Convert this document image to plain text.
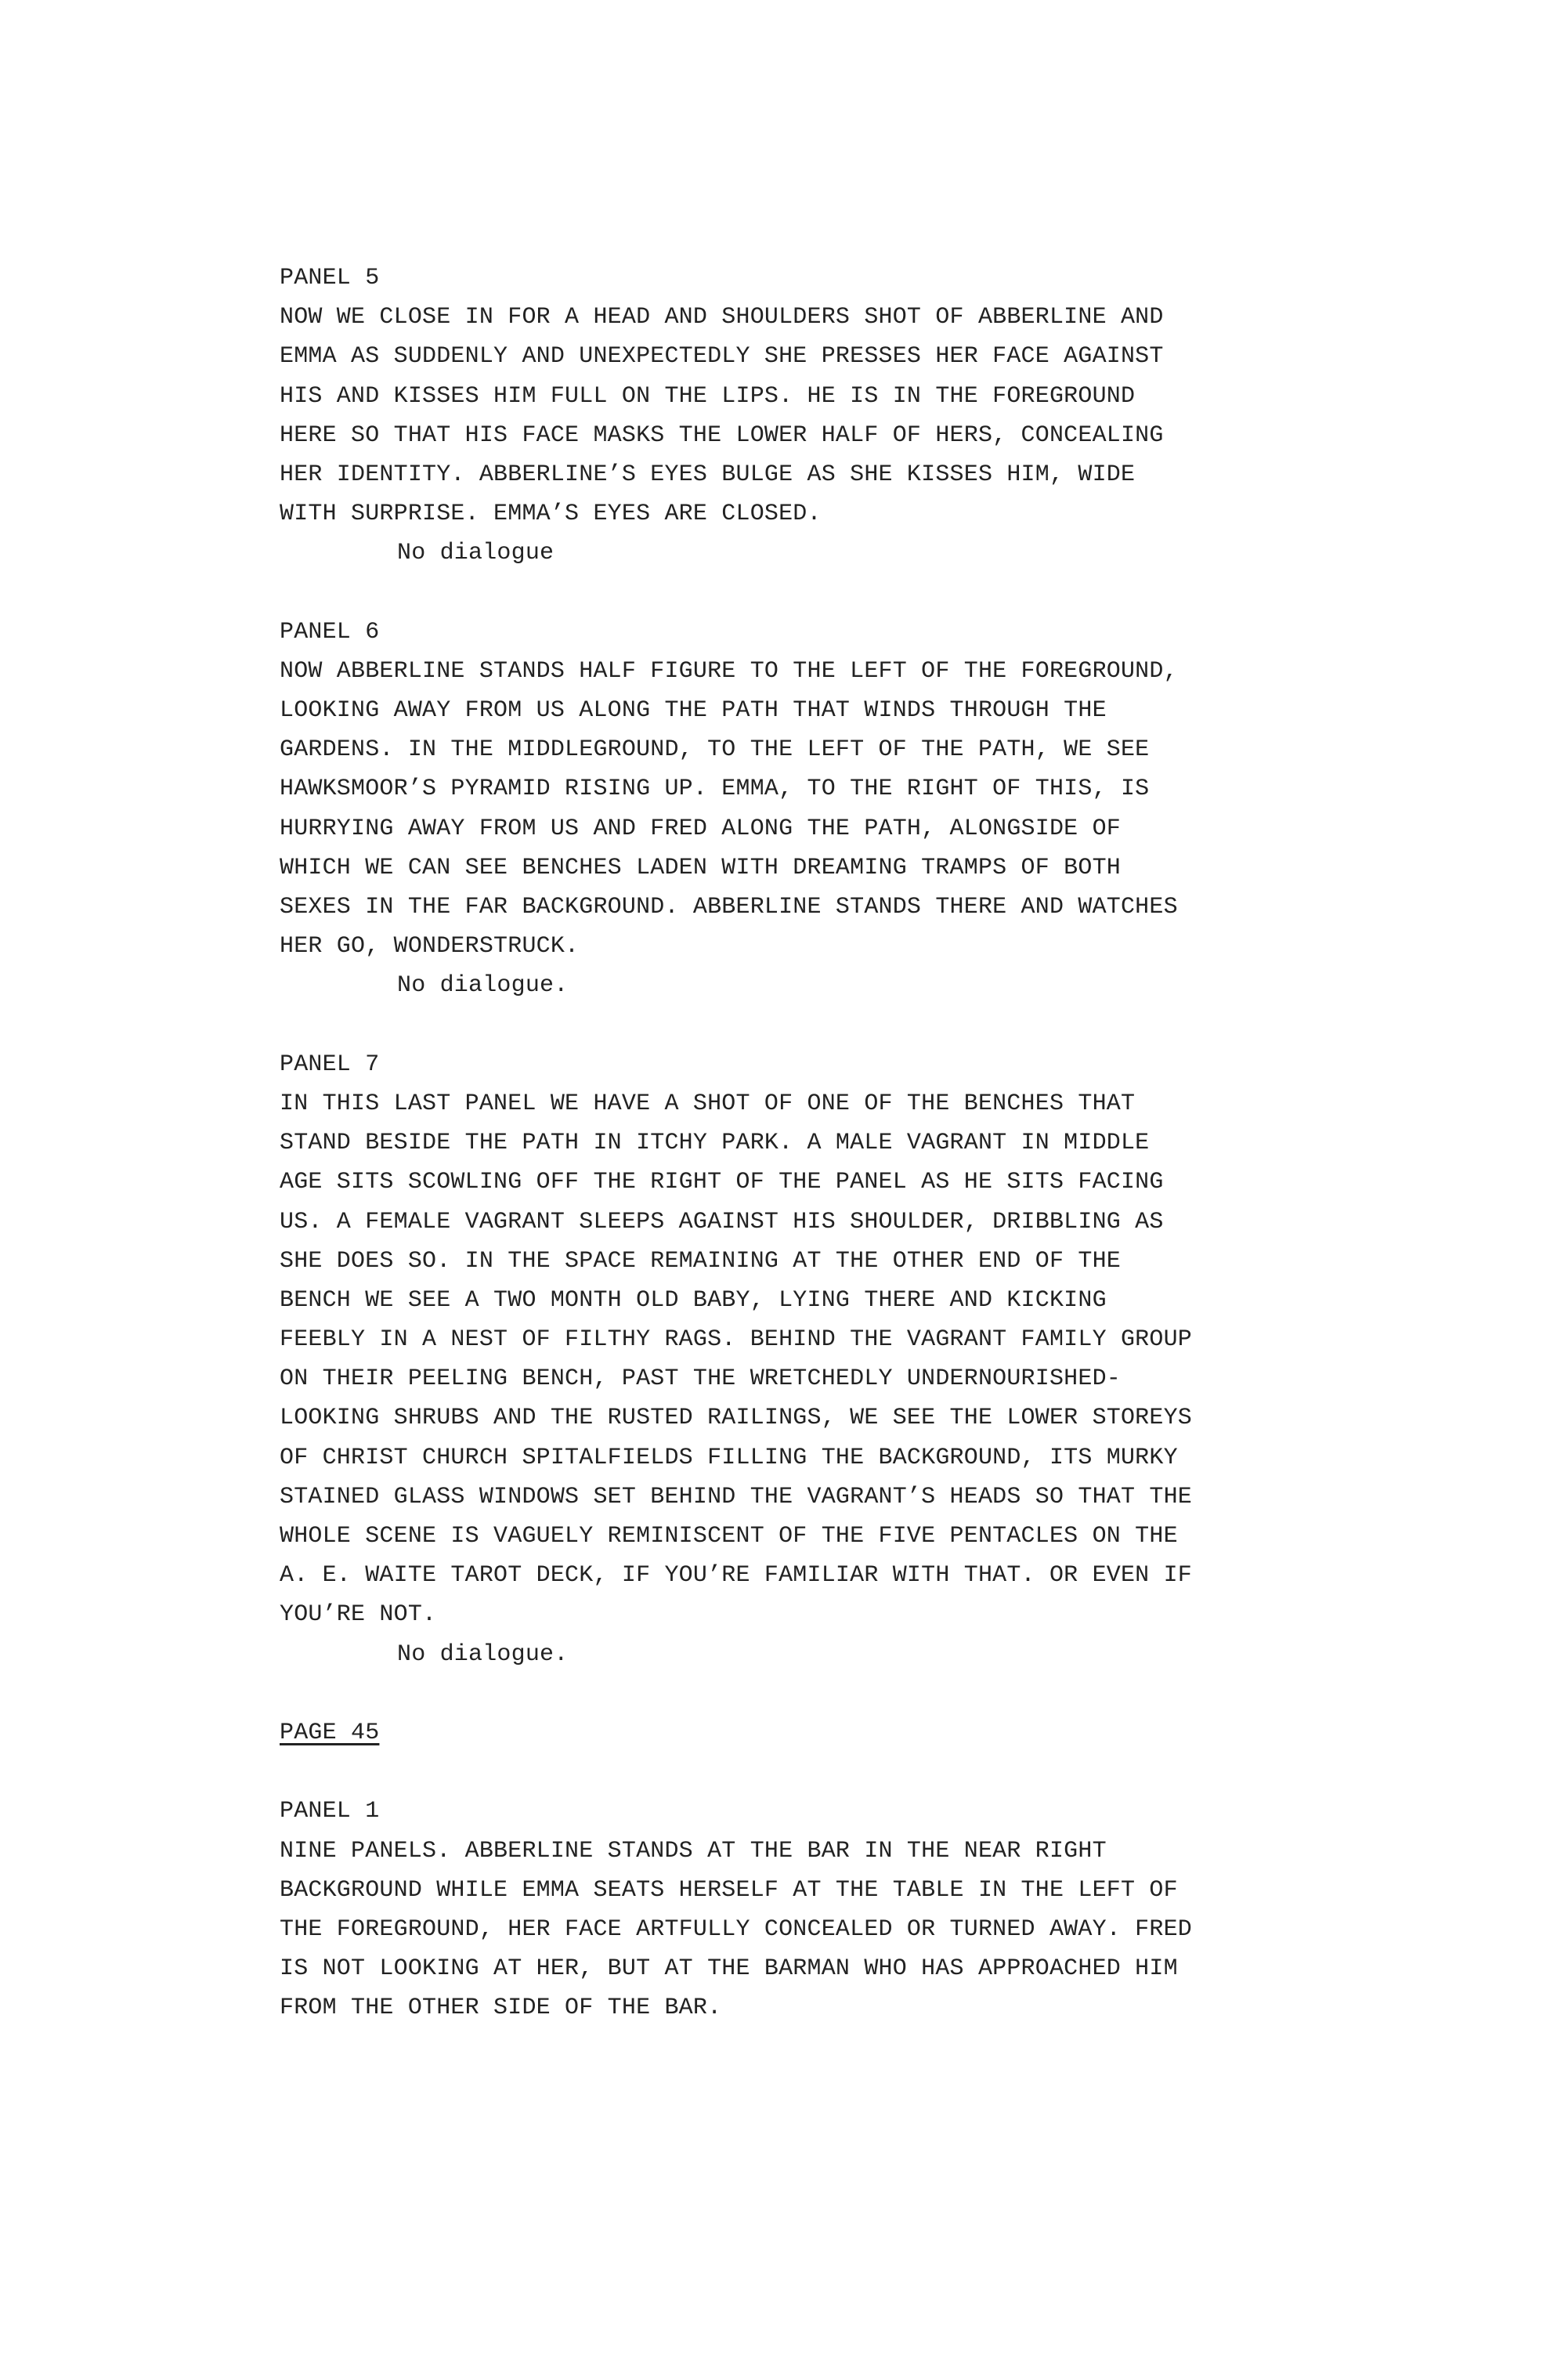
PANEL 5
NOW WE CLOSE IN FOR A HEAD AND SHOULDERS SHOT OF ABBERLINE AND
EMMA AS SUDDENLY AND UNEXPECTEDLY SHE PRESSES HER FACE AGAINST
HIS AND KISSES HIM FULL ON THE LIPS. HE IS IN THE FOREGROUND
HERE SO THAT HIS FACE MASKS THE LOWER HALF OF HERS, CONCEALING
HER IDENTITY. ABBERLINE’S EYES BULGE AS SHE KISSES HIM, WIDE
WITH SURPRISE. EMMA’S EYES ARE CLOSED.
No dialogue
PANEL 6
NOW ABBERLINE STANDS HALF FIGURE TO THE LEFT OF THE FOREGROUND,
LOOKING AWAY FROM US ALONG THE PATH THAT WINDS THROUGH THE
GARDENS. IN THE MIDDLEGROUND, TO THE LEFT OF THE PATH, WE SEE
HAWKSMOOR’S PYRAMID RISING UP. EMMA, TO THE RIGHT OF THIS, IS
HURRYING AWAY FROM US AND FRED ALONG THE PATH, ALONGSIDE OF
WHICH WE CAN SEE BENCHES LADEN WITH DREAMING TRAMPS OF BOTH
SEXES IN THE FAR BACKGROUND. ABBERLINE STANDS THERE AND WATCHES
HER GO, WONDERSTRUCK.
No dialogue.
PANEL 7
IN THIS LAST PANEL WE HAVE A SHOT OF ONE OF THE BENCHES THAT
STAND BESIDE THE PATH IN ITCHY PARK. A MALE VAGRANT IN MIDDLE
AGE SITS SCOWLING OFF THE RIGHT OF THE PANEL AS HE SITS FACING
US. A FEMALE VAGRANT SLEEPS AGAINST HIS SHOULDER, DRIBBLING AS
SHE DOES SO. IN THE SPACE REMAINING AT THE OTHER END OF THE
BENCH WE SEE A TWO MONTH OLD BABY, LYING THERE AND KICKING
FEEBLY IN A NEST OF FILTHY RAGS. BEHIND THE VAGRANT FAMILY GROUP
ON THEIR PEELING BENCH, PAST THE WRETCHEDLY UNDERNOURISHED-
LOOKING SHRUBS AND THE RUSTED RAILINGS, WE SEE THE LOWER STOREYS
OF CHRIST CHURCH SPITALFIELDS FILLING THE BACKGROUND, ITS MURKY
STAINED GLASS WINDOWS SET BEHIND THE VAGRANT’S HEADS SO THAT THE
WHOLE SCENE IS VAGUELY REMINISCENT OF THE FIVE PENTACLES ON THE
A. E. WAITE TAROT DECK, IF YOU’RE FAMILIAR WITH THAT. OR EVEN IF
YOU’RE NOT.
No dialogue.
PAGE 45
PANEL 1
NINE PANELS. ABBERLINE STANDS AT THE BAR IN THE NEAR RIGHT
BACKGROUND WHILE EMMA SEATS HERSELF AT THE TABLE IN THE LEFT OF
THE FOREGROUND, HER FACE ARTFULLY CONCEALED OR TURNED AWAY. FRED
IS NOT LOOKING AT HER, BUT AT THE BARMAN WHO HAS APPROACHED HIM
FROM THE OTHER SIDE OF THE BAR.
